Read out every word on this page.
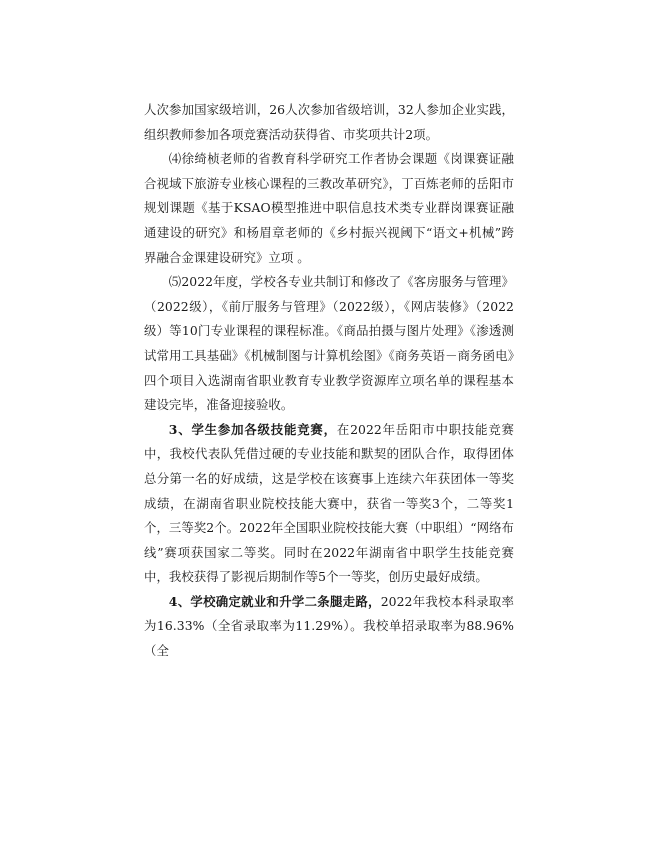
人次参加国家级培训，26人次参加省级培训，32人参加企业实践，组织教师参加各项竞赛活动获得省、市奖项共计2项。

⑷徐绮桢老师的省教育科学研究工作者协会课题《岗课赛证融合视域下旅游专业核心课程的三教改革研究》，丁百炼老师的岳阳市规划课题《基于KSAO模型推进中职信息技术类专业群岗课赛证融通建设的研究》和杨眉章老师的《乡村振兴视阈下“语文+机械”跨界融合金课建设研究》立项 。

⑸2022年度，学校各专业共制订和修改了《客房服务与管理》（2022级），《前厅服务与管理》（2022级），《网店装修》（2022级）等10门专业课程的课程标准。《商品拍摄与图片处理》《渗透测试常用工具基础》《机械制图与计算机绘图》《商务英语－商务函电》四个项目入选湖南省职业教育专业教学资源库立项名单的课程基本建设完毕，准备迎接验收。

3、学生参加各级技能竞赛，在2022年岳阳市中职技能竞赛中，我校代表队凭借过硬的专业技能和默契的团队合作，取得团体总分第一名的好成绩，这是学校在该赛事上连续六年获团体一等奖成绩，在湖南省职业院校技能大赛中，获省一等奖3个，二等奖1个，三等奖2个。2022年全国职业院校技能大赛（中职组）“网络布线”赛项获国家二等奖。同时在2022年湖南省中职学生技能竞赛中，我校获得了影视后期制作等5个一等奖，创历史最好成绩。

4、学校确定就业和升学二条腿走路，2022年我校本科录取率为16.33%（全省录取率为11.29%）。我校单招录取率为88.96%（全
